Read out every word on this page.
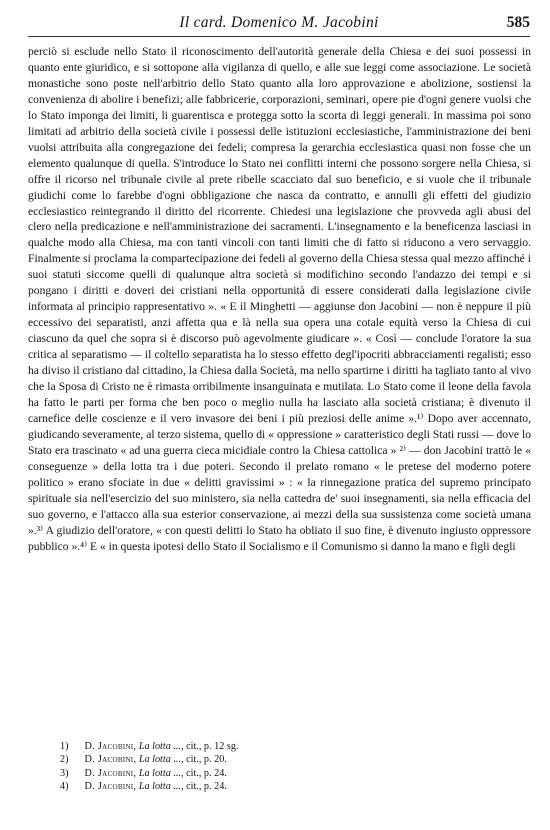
Il card. Domenico M. Jacobini	585

perciò si esclude nello Stato il riconoscimento dell'autorità generale della Chiesa e dei suoi possessi in quanto ente giuridico, e si sottopone alla vigilanza di quello, e alle sue leggi come associazione. Le società monastiche sono poste nell'arbitrio dello Stato quanto alla loro approvazione e abolizione, sostiensi la convenienza di abolire i benefizi; alle fabbricerie, corporazioni, seminari, opere pie d'ogni genere vuolsi che lo Stato imponga dei limiti, li guarentisca e protegga sotto la scorta di leggi generali. In massima poi sono limitati ad arbitrio della società civile i possessi delle istituzioni ecclesiastiche, l'amministrazione dei beni vuolsi attribuita alla congregazione dei fedeli; compresa la gerarchia ecclesiastica quasi non fosse che un elemento qualunque di quella. S'introduce lo Stato nei conflitti interni che possono sorgere nella Chiesa, si offre il ricorso nel tribunale civile al prete ribelle scacciato dal suo beneficio, e si vuole che il tribunale giudichi come lo farebbe d'ogni obbligazione che nasca da contratto, e annulli gli effetti del giudizio ecclesiastico reintegrando il diritto del ricorrente. Chiedesi una legislazione che provveda agli abusi del clero nella predicazione e nell'amministrazione dei sacramenti. L'insegnamento e la beneficenza lasciasi in qualche modo alla Chiesa, ma con tanti vincoli con tanti limiti che di fatto si riducono a vero servaggio. Finalmente si proclama la compartecipazione dei fedeli al governo della Chiesa stessa qual mezzo affinché i suoi statuti siccome quelli di qualunque altra società si modifichino secondo l'andazzo dei tempi e si pongano i diritti e doveri dei cristiani nella opportunità di essere considerati dalla legislazione civile informata al principio rappresentativo ». « E il Minghetti — aggiunse don Jacobini — non è neppure il più eccessivo dei separatisti, anzi affetta qua e là nella sua opera una cotale equità verso la Chiesa di cui ciascuno da quel che sopra si è discorso può agevolmente giudicare ». « Così — conclude l'oratore la sua critica al separatismo — il coltello separatista ha lo stesso effetto degl'ipocriti abbracciamenti regalisti; esso ha diviso il cristiano dal cittadino, la Chiesa dalla Società, ma nello spartirne i diritti ha tagliato tanto al vivo che la Sposa di Cristo ne è rimasta orribilmente insanguinata e mutilata. Lo Stato come il leone della favola ha fatto le parti per forma che ben poco o meglio nulla ha lasciato alla società cristiana; è divenuto il carnefice delle coscienze e il vero invasore dei beni i più preziosi delle anime ».¹⁾ Dopo aver accennato, giudicando severamente, al terzo sistema, quello di « oppressione » caratteristico degli Stati russi — dove lo Stato era trascinato « ad una guerra cieca micidiale contro la Chiesa cattolica » ²⁾ — don Jacobini trattò le « conseguenze » della lotta tra i due poteri. Secondo il prelato romano « le pretese del moderno potere politico » erano sfociate in due « delitti gravissimi » : « la rinnegazione pratica del supremo principato spirituale sia nell'esercizio del suo ministero, sia nella cattedra de' suoi insegnamenti, sia nella efficacia del suo governo, e l'attacco alla sua esterior conservazione, ai mezzi della sua sussistenza come società umana ».³⁾ A giudizio dell'oratore, « con questi delitti lo Stato ha obliato il suo fine, è divenuto ingiusto oppressore pubblico ».⁴⁾ E « in questa ipotesi dello Stato il Socialismo e il Comunismo si danno la mano e figli degli

1) D. Jacobini, La lotta ..., cit., p. 12 sg.
2) D. Jacobini, La lotta ..., cit., p. 20.
3) D. Jacobini, La lotta ..., cit., p. 24.
4) D. Jacobini, La lotta ..., cit., p. 24.
